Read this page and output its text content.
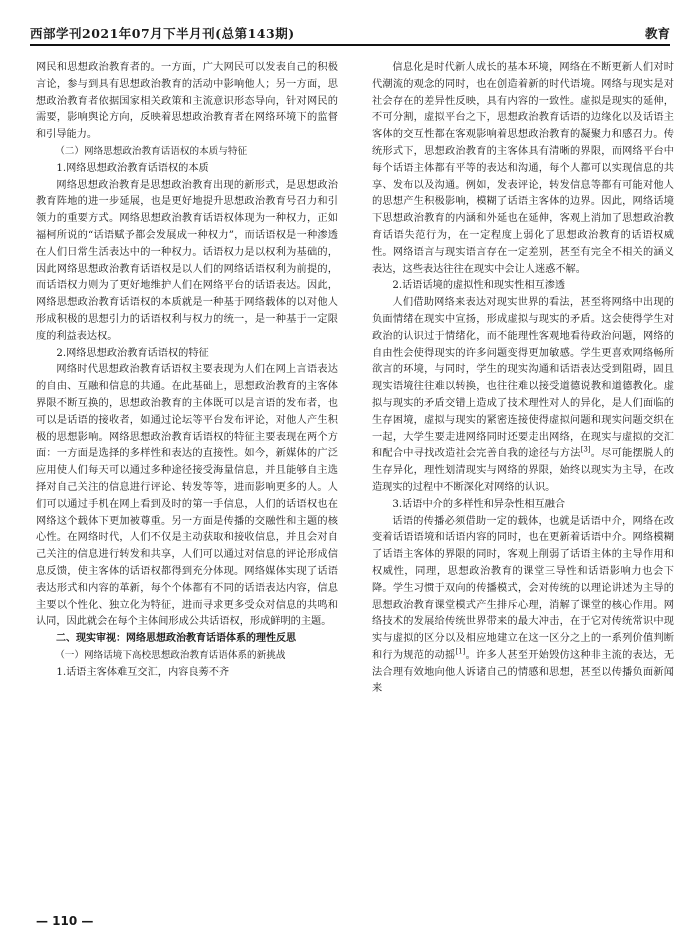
西部学刊2021年07月下半月刊(总第143期)	教育

网民和思想政治教育者的。一方面，广大网民可以发表自己的积极言论，参与到具有思想政治教育的活动中影响他人；另一方面，思想政治教育者依据国家相关政策和主流意识形态导向，针对网民的需要，影响舆论方向，反映着思想政治教育者在网络环境下的监督和引导能力。

（二）网络思想政治教育话语权的本质与特征

1.网络思想政治教育话语权的本质

网络思想政治教育是思想政治教育出现的新形式，是思想政治教育阵地的进一步延展，也是更好地提升思想政治教育号召力和引领力的重要方式。网络思想政治教育话语权体现为一种权力，正如福柯所说的“话语赋予都会发展成一种权力”，而话语权是一种渗透在人们日常生活表达中的一种权力。话语权力是以权利为基础的，因此网络思想政治教育话语权是以人们的网络话语权利为前提的，而话语权力则为了更好地维护人们在网络平台的话语表达。因此，网络思想政治教育话语权的本质就是一种基于网络载体的以对他人形成积极的思想引力的话语权利与权力的统一，是一种基于一定限度的利益表达权。

2.网络思想政治教育话语权的特征

网络时代思想政治教育话语权主要表现为人们在网上言语表达的自由、互融和信息的共通。在此基础上，思想政治教育的主客体界限不断互换的，思想政治教育的主体既可以是言语的发布者，也可以是话语的接收者，如通过论坛等平台发布评论，对他人产生积极的思想影响。网络思想政治教育话语权的特征主要表现在两个方面：一方面是选择的多样性和表达的直接性。如今，新媒体的广泛应用使人们每天可以通过多种途径接受海量信息，并且能够自主选择对自己关注的信息进行评论、转发等等，进而影响更多的人。人们可以通过手机在网上看到及时的第一手信息，人们的话语权也在网络这个载体下更加被尊重。另一方面是传播的交融性和主题的核心性。在网络时代，人们不仅是主动获取和接收信息，并且会对自己关注的信息进行转发和共享，人们可以通过对信息的评论形成信息反馈，使主客体的话语权都得到充分体现。网络媒体实现了话语表达形式和内容的革新，每个个体都有不同的话语表达内容，信息主要以个性化、独立化为特征，进而寻求更多受众对信息的共鸣和认同，因此就会在每个主体间形成公共话语权，形成鲜明的主题。

二、现实审视：网络思想政治教育话语体系的理性反思

（一）网络话境下高校思想政治教育话语体系的新挑战

1.话语主客体难互交汇，内容良莠不齐

信息化是时代新人成长的基本环境，网络在不断更新人们对时代潮流的观念的同时，也在创造着新的时代语境。网络与现实是对社会存在的差异性反映，具有内容的一致性。虚拟是现实的延伸，不可分割，虚拟平台之下，思想政治教育话语的边缘化以及话语主客体的交互性都在客观影响着思想政治教育的凝聚力和感召力。传统形式下，思想政治教育的主客体具有清晰的界限，而网络平台中每个话语主体都有平等的表达和沟通，每个人都可以实现信息的共享、发布以及沟通。例如，发表评论，转发信息等都有可能对他人的思想产生积极影响，模糊了话语主客体的边界。因此，网络话境下思想政治教育的内涵和外延也在延伸，客观上消加了思想政治教育话语失范行为，在一定程度上弱化了思想政治教育的话语权威性。网络语言与现实语言存在一定差别，甚至有完全不相关的涵义表达，这些表达往往在现实中会让人迷惑不解。

2.话语话境的虚拟性和现实性相互渗透

人们借助网络来表达对现实世界的看法，甚至将网络中出现的负面情绪在现实中宣扬，形成虚拟与现实的矛盾。这会使得学生对政治的认识过于情绪化，而不能理性客观地看待政治问题，网络的自由性会使得现实的许多问题变得更加敏感。学生更喜欢网络畅所欲言的环境，与同时，学生的现实沟通和话语表达受到阻碍，固且现实语境往往难以转换，也往往难以接受道德说教和道德教化。虚拟与现实的矛盾交错上造成了技术理性对人的异化，是人们面临的生存困境，虚拟与现实的紧密连接使得虚拟问题和现实问题交织在一起，大学生要走进网络同时还要走出网络，在现实与虚拟的交汇和配合中寻找改造社会完善自我的途径与方法[3]。尽可能摆脱人的生存异化，理性划清现实与网络的界限，始终以现实为主导，在改造现实的过程中不断深化对网络的认识。

3.话语中介的多样性和异杂性相互融合

话语的传播必须借助一定的载体，也就是话语中介，网络在改变着话语语境和话语内容的同时，也在更新着话语中介。网络模糊了话语主客体的界限的同时，客观上削弱了话语主体的主导作用和权威性，同理，思想政治教育的课堂三导性和话语影响力也会下降。学生习惯于双向的传播模式，会对传统的以理论讲述为主导的思想政治教育课堂模式产生排斥心理，消解了课堂的核心作用。网络技术的发展给传统世界带来的最大冲击，在于它对传统常识中现实与虚拟的区分以及相应地建立在这一区分之上的一系列价值判断和行为规范的动摇[1]。许多人甚至开始毁仿这种非主流的表达，无法合理有效地向他人诉诸自己的情感和思想，甚至以传播负面新闻来

— 110 —
